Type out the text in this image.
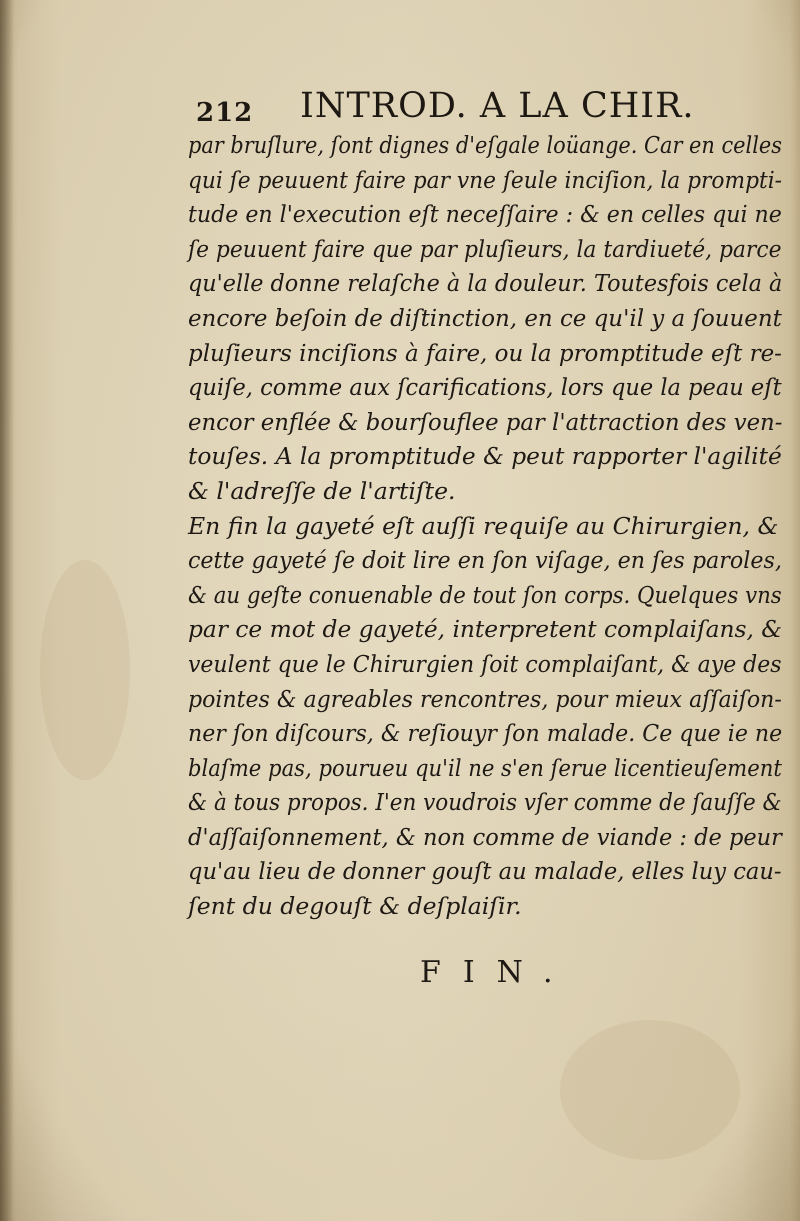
212 INTROD. A LA CHIR.
par bruſlure, ſont dignes d'eſgale loüange. Car en celles
qui ſe peuuent faire par vne ſeule inciſion, la prompti-
tude en l'execution eſt neceſſaire : & en celles qui ne
ſe peuuent faire que par pluſieurs, la tardiueté, parce
qu'elle donne relaſche à la douleur. Toutesfois cela à
encore beſoin de diſtinction, en ce qu'il y a ſouuent
pluſieurs inciſions à faire, ou la promptitude eſt re-
quiſe, comme aux ſcarifications, lors que la peau eſt
encor enflée & bourſouflee par l'attraction des ven-
touſes. A la promptitude & peut rapporter l'agilité
& l'adreſſe de l'artiſte.
En fin la gayeté eſt auſſi requiſe au Chirurgien, &
cette gayeté ſe doit lire en ſon viſage, en ſes paroles,
& au geſte conuenable de tout ſon corps. Quelques vns
par ce mot de gayeté, interpretent complaiſans, &
veulent que le Chirurgien ſoit complaiſant, & aye des
pointes & agreables rencontres, pour mieux aſſaiſon-
ner ſon diſcours, & reſiouyr ſon malade. Ce que ie ne
blaſme pas, pourueu qu'il ne s'en ſerue licentieuſement
& à tous propos. I'en voudrois vſer comme de ſauſſe &
d'aſſaiſonnement, & non comme de viande : de peur
qu'au lieu de donner gouſt au malade, elles luy cau-
ſent du degouſt & deſplaiſir.
FIN.
